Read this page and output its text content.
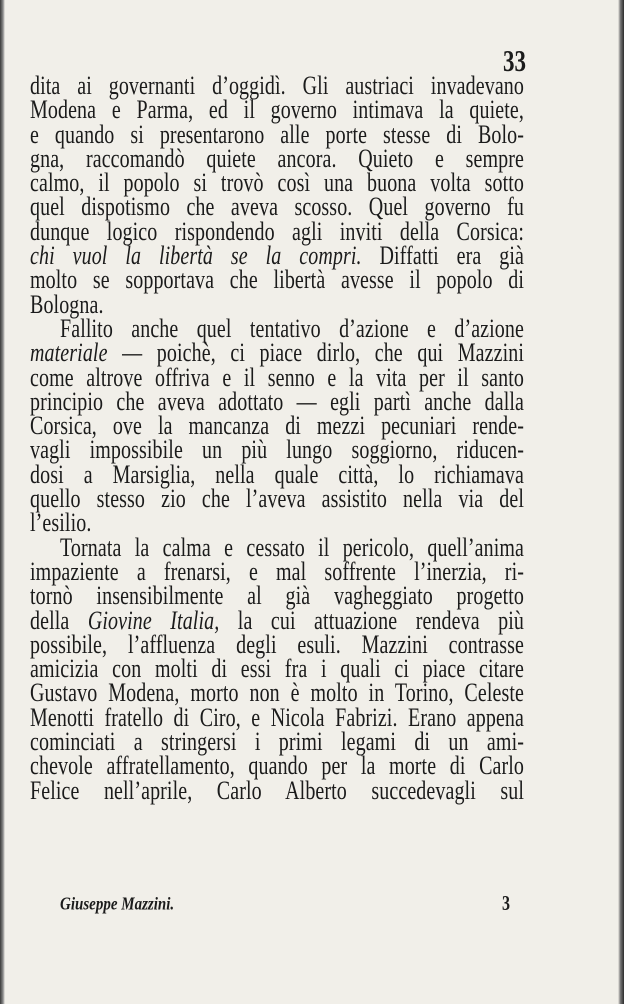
33
dita ai governanti d’oggidì. Gli austriaci invadevano
Modena e Parma, ed il governo intimava la quiete,
e quando si presentarono alle porte stesse di Bolo-
gna, raccomandò quiete ancora. Quieto e sempre
calmo, il popolo si trovò così una buona volta sotto
quel dispotismo che aveva scosso. Quel governo fu
dunque logico rispondendo agli inviti della Corsica:
chi vuol la libertà se la compri. Diffatti era già
molto se sopportava che libertà avesse il popolo di
Bologna.
Fallito anche quel tentativo d’azione e d’azione
materiale — poichè, ci piace dirlo, che qui Mazzini
come altrove offriva e il senno e la vita per il santo
principio che aveva adottato — egli partì anche dalla
Corsica, ove la mancanza di mezzi pecuniari rende-
vagli impossibile un più lungo soggiorno, riducen-
dosi a Marsiglia, nella quale città, lo richiamava
quello stesso zio che l’aveva assistito nella via del
l’esilio.
Tornata la calma e cessato il pericolo, quell’anima
impaziente a frenarsi, e mal soffrente l’inerzia, ri-
tornò insensibilmente al già vagheggiato progetto
della Giovine Italia, la cui attuazione rendeva più
possibile, l’affluenza degli esuli. Mazzini contrasse
amicizia con molti di essi fra i quali ci piace citare
Gustavo Modena, morto non è molto in Torino, Celeste
Menotti fratello di Ciro, e Nicola Fabrizi. Erano appena
cominciati a stringersi i primi legami di un ami-
chevole affratellamento, quando per la morte di Carlo
Felice nell’aprile, Carlo Alberto succedevagli sul
Giuseppe Mazzini.	3
